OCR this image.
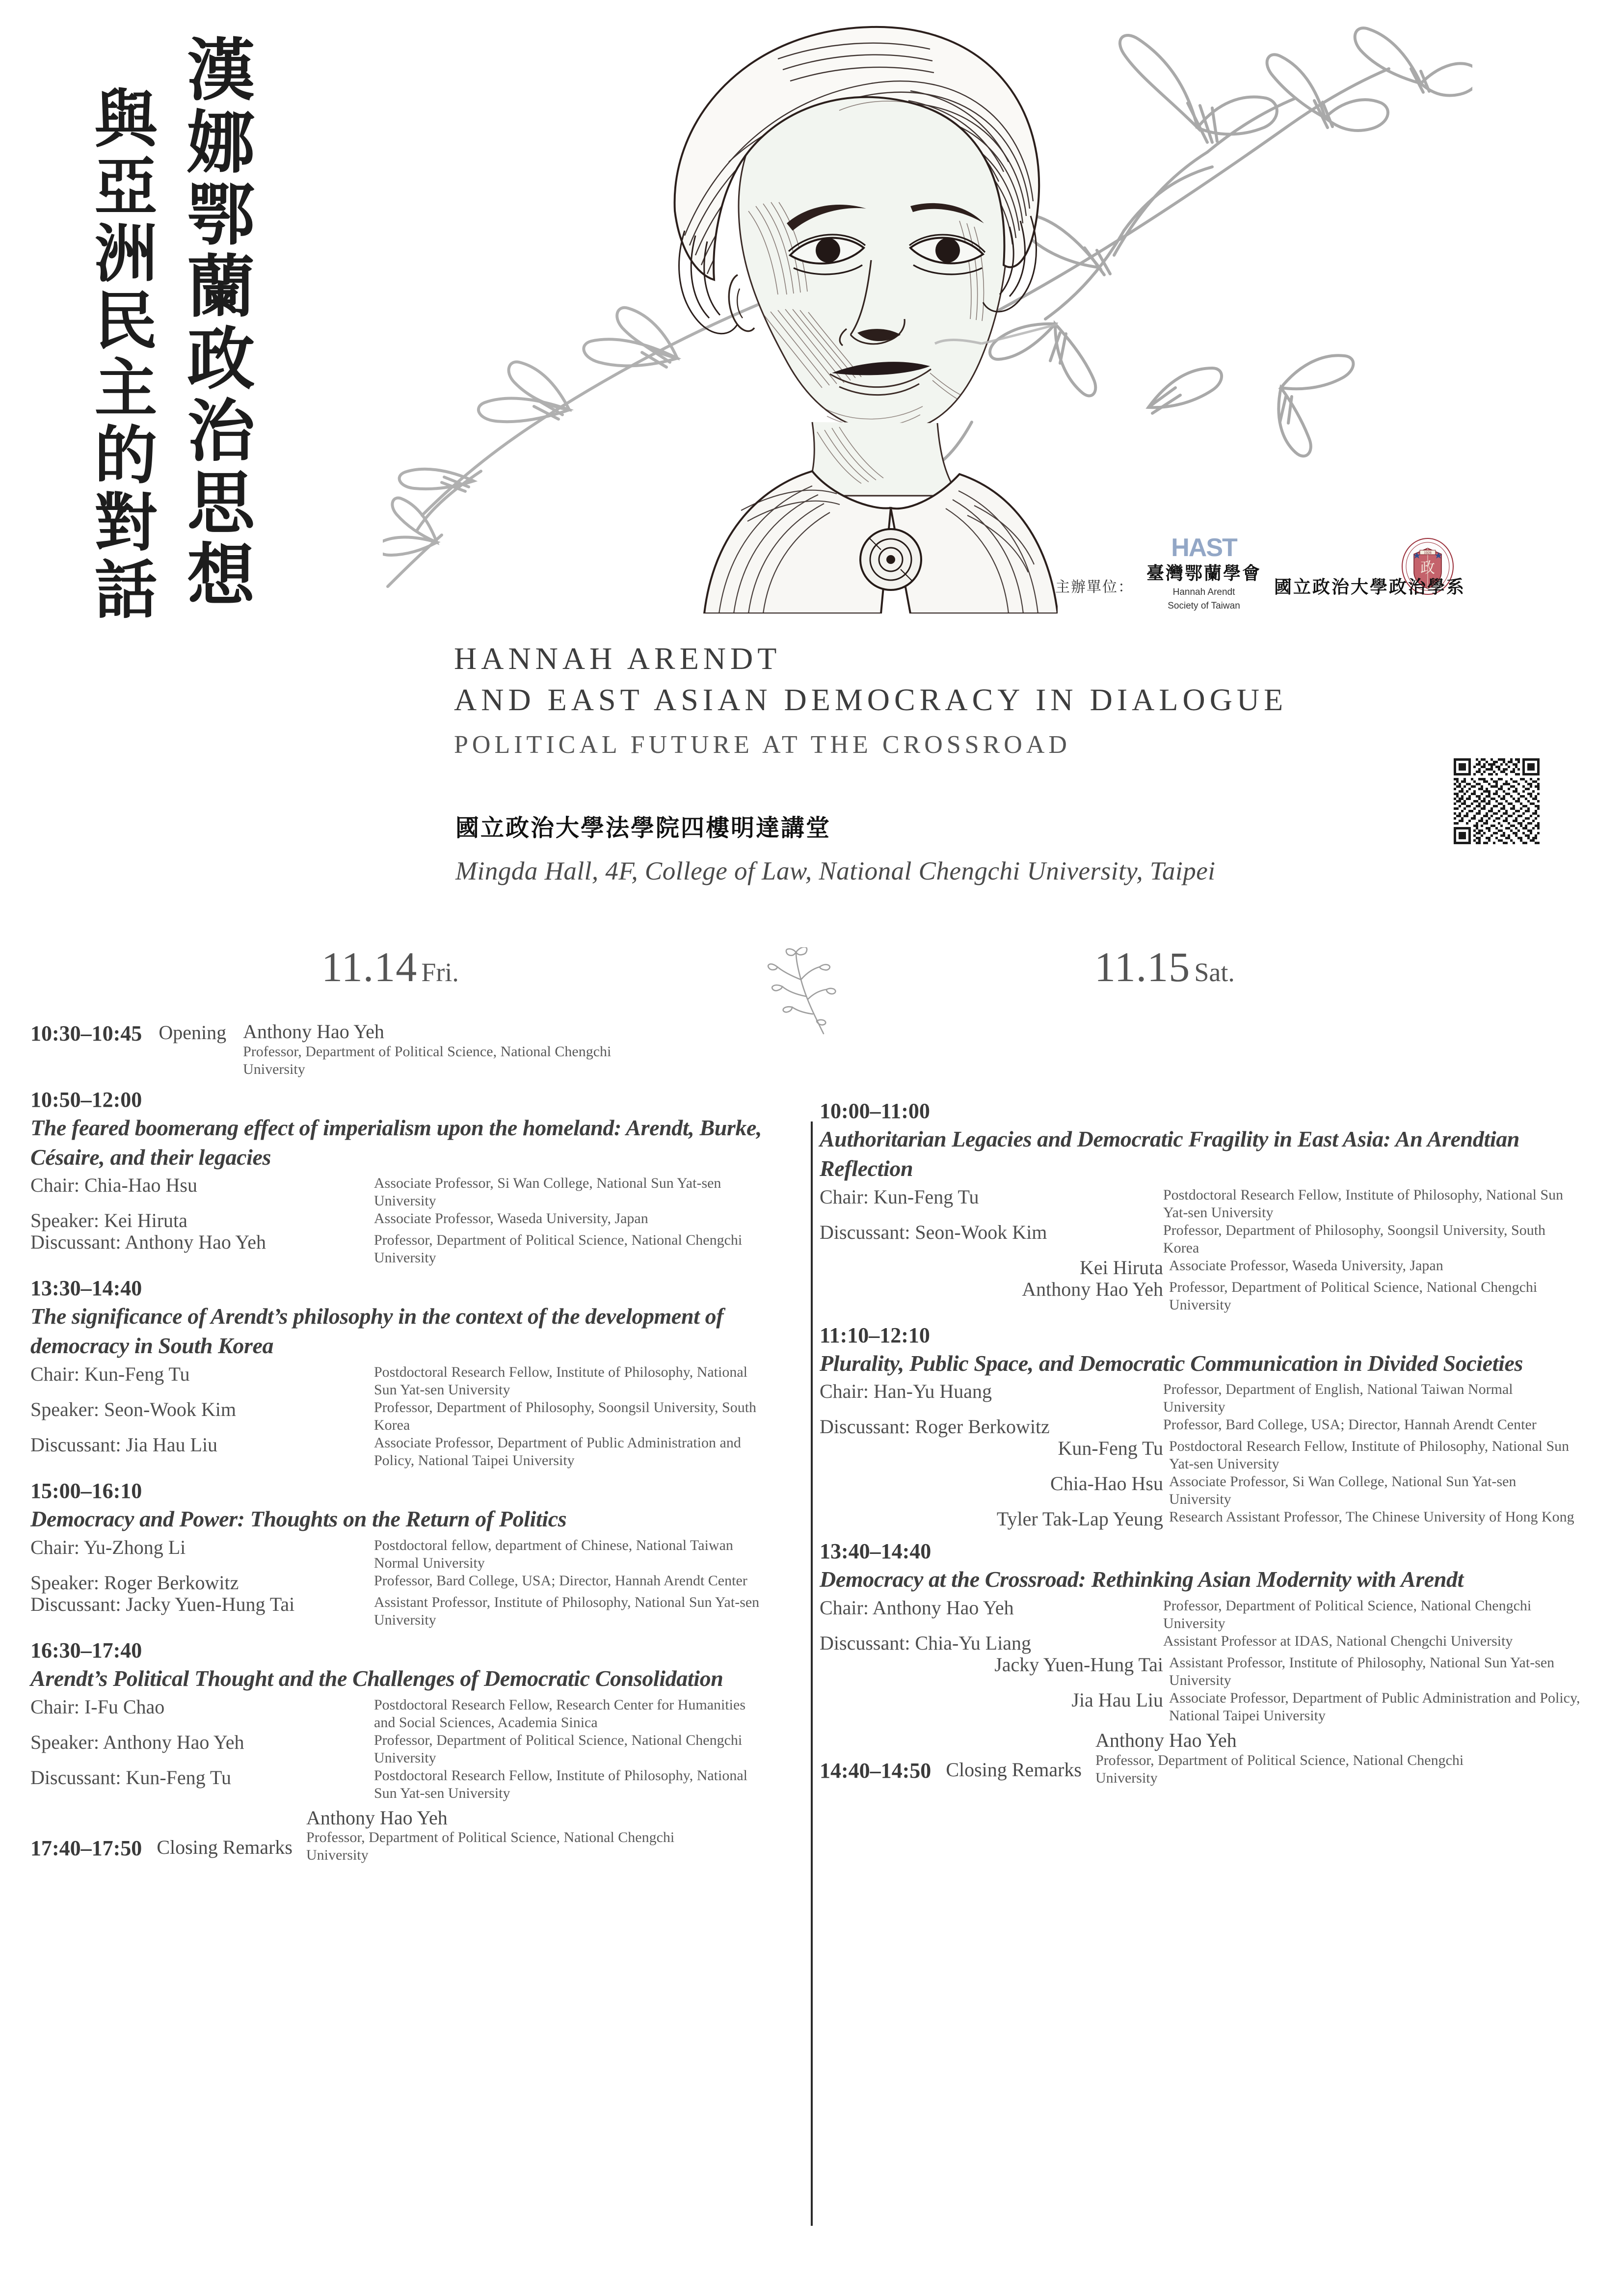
漢娜鄂蘭政治思想
與亞洲民主的對話	主辦單位：
HAST
臺灣鄂蘭學會
Hannah Arendt
Society of Taiwan
國立政治大學政治學系
1928
政
HANNAH ARENDT
AND EAST ASIAN DEMOCRACY IN DIALOGUE
POLITICAL FUTURE AT THE CROSSROAD
國立政治大學法學院四樓明達講堂
Mingda Hall, 4F, College of Law, National Chengchi University, Taipei
11.14 Fri.	11.15 Sat.
10:30–10:45 Opening Anthony Hao Yeh
Professor, Department of Political Science, National Chengchi University
10:50–12:00
The feared boomerang effect of imperialism upon the homeland: Arendt, Burke, Césaire, and their legacies
Chair: Chia-Hao Hsu	Associate Professor, Si Wan College, National Sun Yat-sen University
Speaker: Kei Hiruta	Associate Professor, Waseda University, Japan
Discussant: Anthony Hao Yeh	Professor, Department of Political Science, National Chengchi University
13:30–14:40
The significance of Arendt’s philosophy in the context of the development of democracy in South Korea
Chair: Kun-Feng Tu	Postdoctoral Research Fellow, Institute of Philosophy, National Sun Yat-sen University
Speaker: Seon-Wook Kim	Professor, Department of Philosophy, Soongsil University, South Korea
Discussant: Jia Hau Liu	Associate Professor, Department of Public Administration and Policy, National Taipei University
15:00–16:10
Democracy and Power: Thoughts on the Return of Politics
Chair: Yu-Zhong Li	Postdoctoral fellow, department of Chinese, National Taiwan Normal University
Speaker: Roger Berkowitz	Professor, Bard College, USA; Director, Hannah Arendt Center
Discussant: Jacky Yuen-Hung Tai	Assistant Professor, Institute of Philosophy, National Sun Yat-sen University
16:30–17:40
Arendt’s Political Thought and the Challenges of Democratic Consolidation
Chair: I-Fu Chao	Postdoctoral Research Fellow, Research Center for Humanities and Social Sciences, Academia Sinica
Speaker: Anthony Hao Yeh	Professor, Department of Political Science, National Chengchi University
Discussant: Kun-Feng Tu	Postdoctoral Research Fellow, Institute of Philosophy, National Sun Yat-sen University
17:40–17:50 Closing Remarks
Anthony Hao Yeh
Professor, Department of Political Science, National Chengchi University
10:00–11:00
Authoritarian Legacies and Democratic Fragility in East Asia: An Arendtian Reflection
Chair: Kun-Feng Tu	Postdoctoral Research Fellow, Institute of Philosophy, National Sun Yat-sen University
Discussant: Seon-Wook Kim	Professor, Department of Philosophy, Soongsil University, South Korea
Kei Hiruta Associate Professor, Waseda University, Japan
Anthony Hao Yeh Professor, Department of Political Science, National Chengchi University
11:10–12:10
Plurality, Public Space, and Democratic Communication in Divided Societies
Chair: Han-Yu Huang	Professor, Department of English, National Taiwan Normal University
Discussant: Roger Berkowitz	Professor, Bard College, USA; Director, Hannah Arendt Center
Kun-Feng Tu Postdoctoral Research Fellow, Institute of Philosophy, National Sun Yat-sen University
Chia-Hao Hsu Associate Professor, Si Wan College, National Sun Yat-sen University
Tyler Tak-Lap Yeung Research Assistant Professor, The Chinese University of Hong Kong
13:40–14:40
Democracy at the Crossroad: Rethinking Asian Modernity with Arendt
Chair: Anthony Hao Yeh	Professor, Department of Political Science, National Chengchi University
Discussant: Chia-Yu Liang	Assistant Professor at IDAS, National Chengchi University
Jacky Yuen-Hung Tai Assistant Professor, Institute of Philosophy, National Sun Yat-sen University
Jia Hau Liu Associate Professor, Department of Public Administration and Policy, National Taipei University
14:40–14:50 Closing Remarks
Anthony Hao Yeh
Professor, Department of Political Science, National Chengchi University
